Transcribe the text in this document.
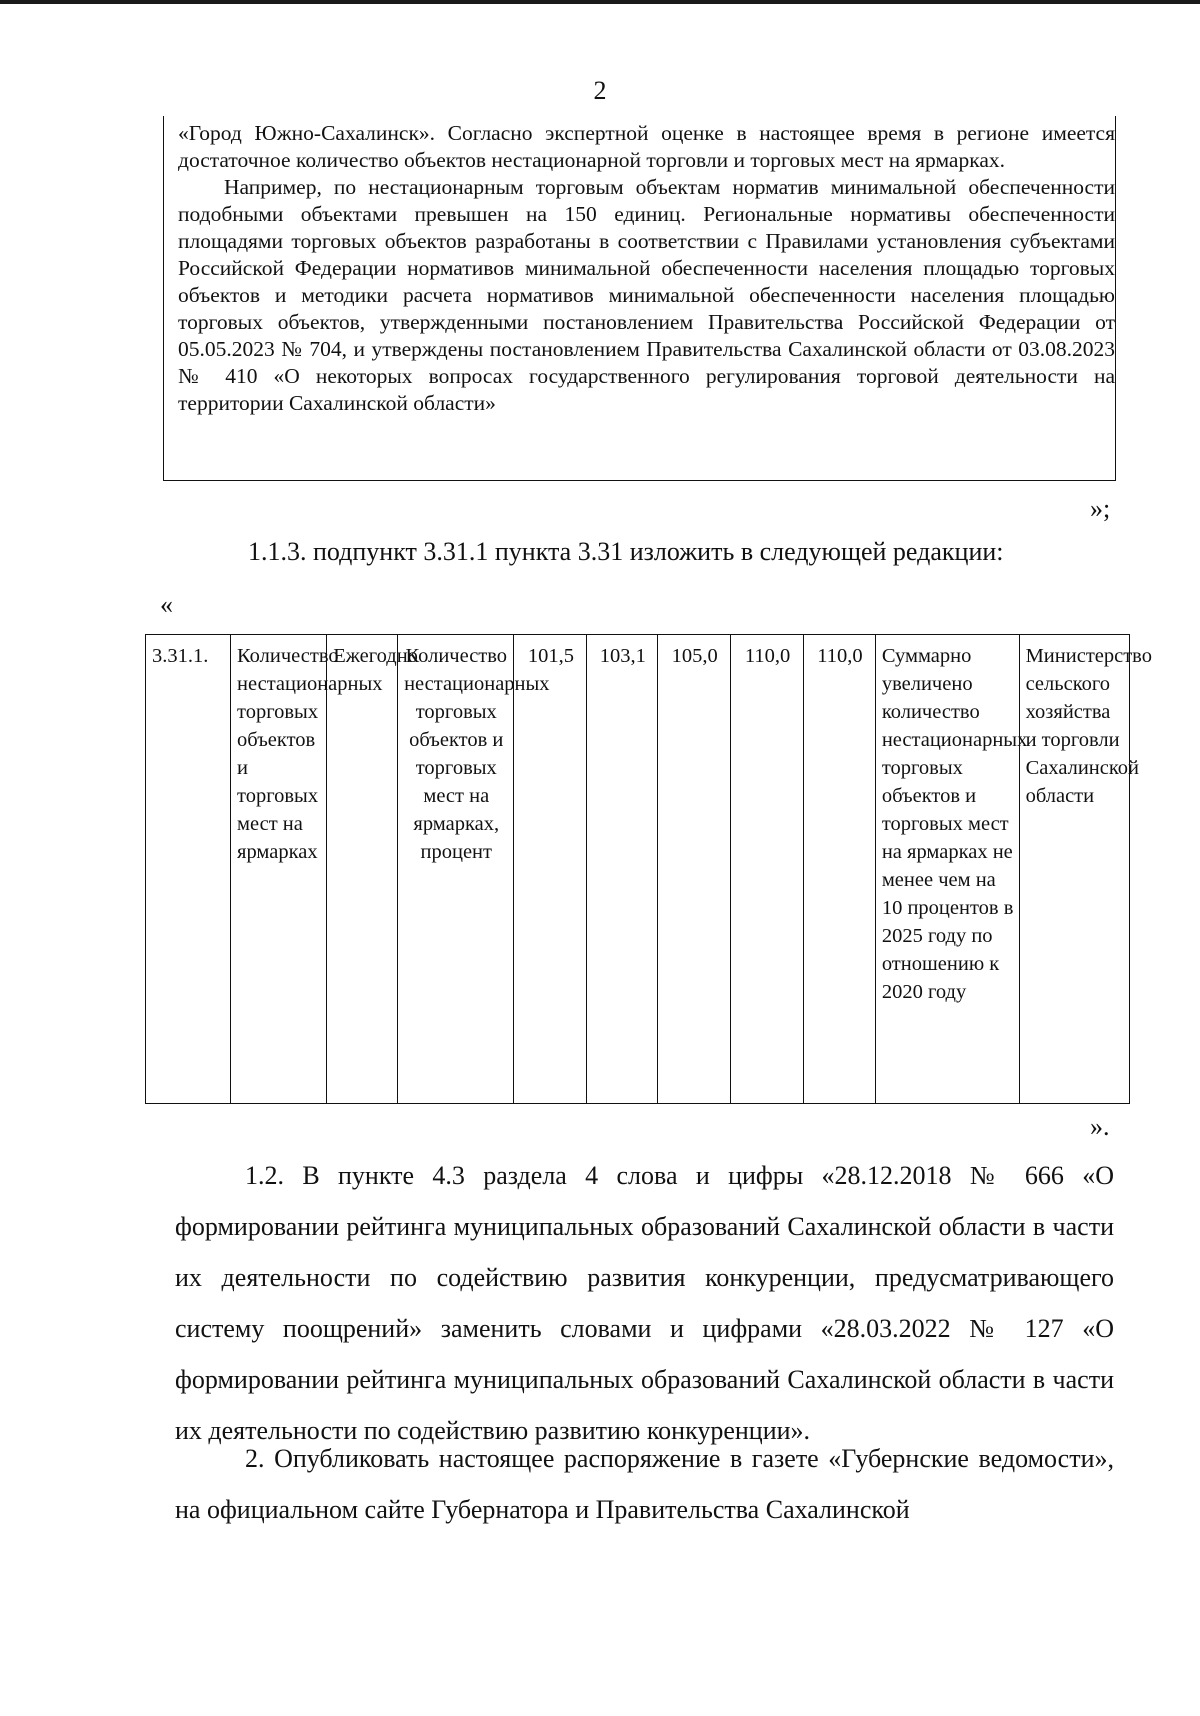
2

«Город Южно-Сахалинск». Согласно экспертной оценке в настоящее время в регионе имеется достаточное количество объектов нестационарной торговли и торговых мест на ярмарках.

Например, по нестационарным торговым объектам норматив минимальной обеспеченности подобными объектами превышен на 150 единиц. Региональные нормативы обеспеченности площадями торговых объектов разработаны в соответствии с Правилами установления субъектами Российской Федерации нормативов минимальной обеспеченности населения площадью торговых объектов и методики расчета нормативов минимальной обеспеченности населения площадью торговых объектов, утвержденными постановлением Правительства Российской Федерации от 05.05.2023 № 704, и утверждены постановлением Правительства Сахалинской области от 03.08.2023 № 410 «О некоторых вопросах государственного регулирования торговой деятельности на территории Сахалинской области»

»;
1.1.3. подпункт 3.31.1 пункта 3.31 изложить в следующей редакции:
«
3.31.1.	Количество нестационарных торговых объектов и торговых мест на ярмарках	Ежегодно	Количество нестационарных торговых объектов и торговых мест на ярмарках, процент	101,5	103,1	105,0	110,0	110,0	Суммарно увеличено количество нестационарных торговых объектов и торговых мест на ярмарках не менее чем на 10 процентов в 2025 году по отношению к 2020 году	Министерство сельского хозяйства и торговли Сахалинской области
».

1.2. В пункте 4.3 раздела 4 слова и цифры «28.12.2018 № 666 «О формировании рейтинга муниципальных образований Сахалинской области в части их деятельности по содействию развития конкуренции, предусматривающего систему поощрений» заменить словами и цифрами «28.03.2022 № 127 «О формировании рейтинга муниципальных образований Сахалинской области в части их деятельности по содействию развитию конкуренции».

2. Опубликовать настоящее распоряжение в газете «Губернские ведомости», на официальном сайте Губернатора и Правительства Сахалинской
